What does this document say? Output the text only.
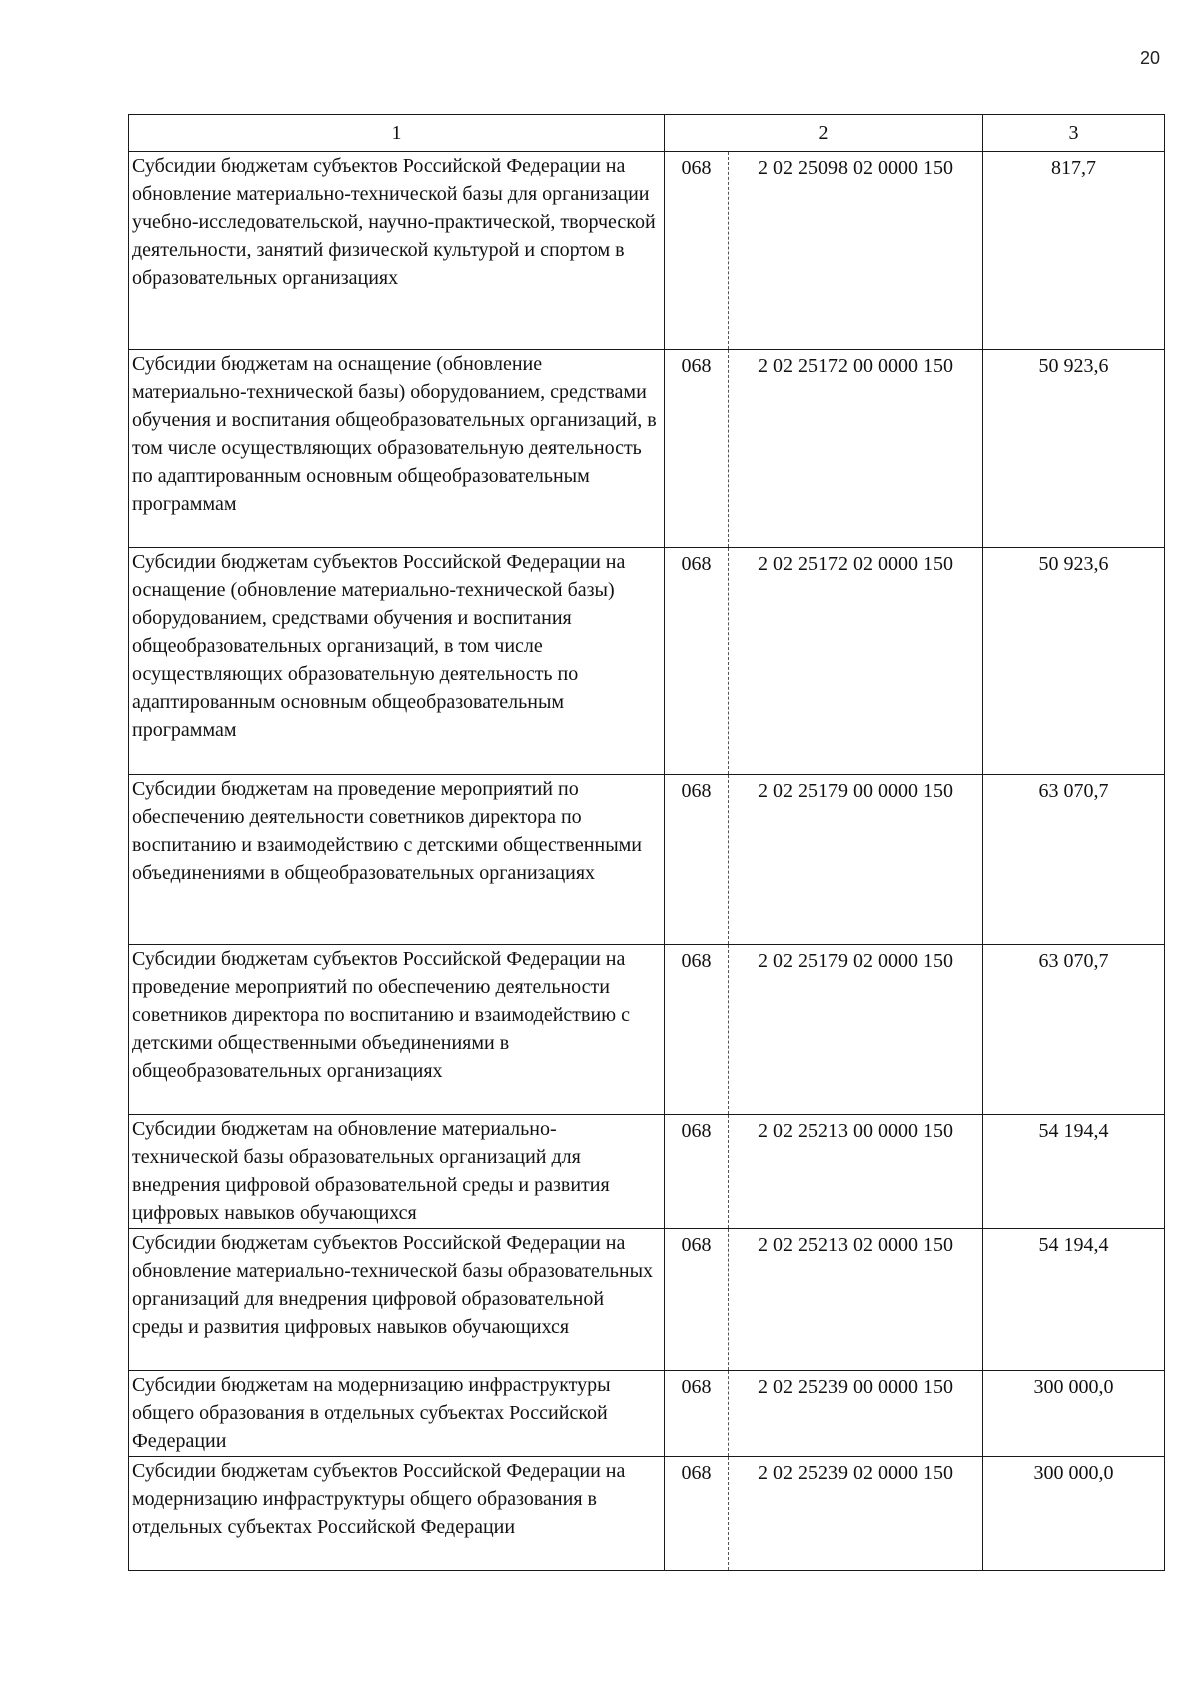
20
1	2		3
Субсидии бюджетам субъектов Российской Федерации на обновление материально-технической базы для организации учебно-исследовательской, научно-практической, творческой деятельности, занятий физической культурой и спортом в образовательных организациях	068	2 02 25098 02 0000 150	817,7
Субсидии бюджетам на оснащение (обновление материально-технической базы) оборудованием, средствами обучения и воспитания общеобразовательных организаций, в том числе осуществляющих образовательную деятельность по адаптированным основным общеобразовательным программам	068	2 02 25172 00 0000 150	50 923,6
Субсидии бюджетам субъектов Российской Федерации на оснащение (обновление материально-технической базы) оборудованием, средствами обучения и воспитания общеобразовательных организаций, в том числе осуществляющих образовательную деятельность по адаптированным основным общеобразовательным программам	068	2 02 25172 02 0000 150	50 923,6
Субсидии бюджетам на проведение мероприятий по обеспечению деятельности советников директора по воспитанию и взаимодействию с детскими общественными объединениями в общеобразовательных организациях	068	2 02 25179 00 0000 150	63 070,7
Субсидии бюджетам субъектов Российской Федерации на проведение мероприятий по обеспечению деятельности советников директора по воспитанию и взаимодействию с детскими общественными объединениями в общеобразовательных организациях	068	2 02 25179 02 0000 150	63 070,7
Субсидии бюджетам на обновление материально-технической базы образовательных организаций для внедрения цифровой образовательной среды и развития цифровых навыков обучающихся	068	2 02 25213 00 0000 150	54 194,4
Субсидии бюджетам субъектов Российской Федерации на обновление материально-технической базы образовательных организаций для внедрения цифровой образовательной среды и развития цифровых навыков обучающихся	068	2 02 25213 02 0000 150	54 194,4
Субсидии бюджетам на модернизацию инфраструктуры общего образования в отдельных субъектах Российской Федерации	068	2 02 25239 00 0000 150	300 000,0
Субсидии бюджетам субъектов Российской Федерации на модернизацию инфраструктуры общего образования в отдельных субъектах Российской Федерации	068	2 02 25239 02 0000 150	300 000,0
